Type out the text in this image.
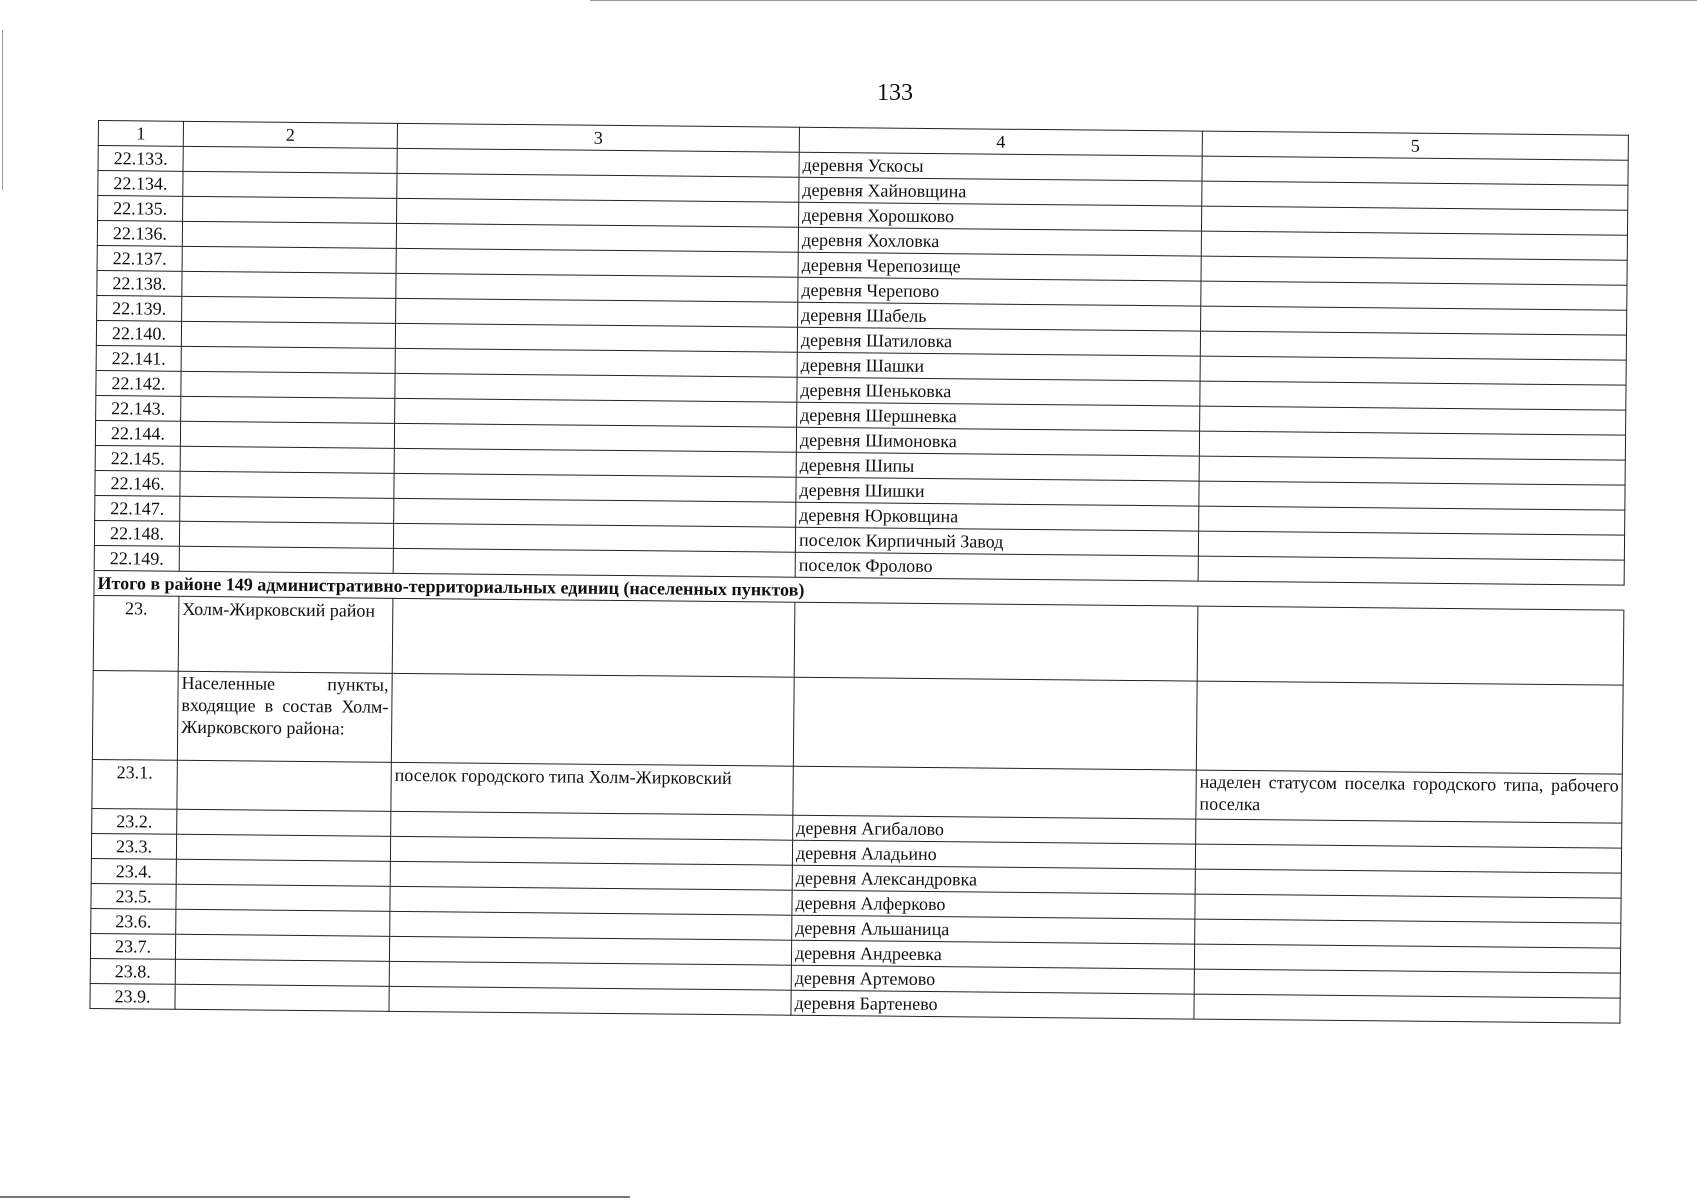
133
1	2	3	4	5
22.133.			деревня Ускосы	
22.134.			деревня Хайновщина	
22.135.			деревня Хорошково	
22.136.			деревня Хохловка	
22.137.			деревня Черепозище	
22.138.			деревня Черепово	
22.139.			деревня Шабель	
22.140.			деревня Шатиловка	
22.141.			деревня Шашки	
22.142.			деревня Шеньковка	
22.143.			деревня Шершневка	
22.144.			деревня Шимоновка	
22.145.			деревня Шипы	
22.146.			деревня Шишки	
22.147.			деревня Юрковщина	
22.148.			поселок Кирпичный Завод	
22.149.			поселок Фролово	
Итого в районе 149 административно-территориальных единиц (населенных пунктов)				
23.	Холм-Жирковский район			
	Населенные пункты, входящие в состав Холм-Жирковского района:			
23.1.		поселок городского типа Холм-Жирковский		наделен статусом поселка городского типа, рабочего поселка
23.2.			деревня Агибалово	
23.3.			деревня Аладьино	
23.4.			деревня Александровка	
23.5.			деревня Алферково	
23.6.			деревня Альшаница	
23.7.			деревня Андреевка	
23.8.			деревня Артемово	
23.9.			деревня Бартенево	
